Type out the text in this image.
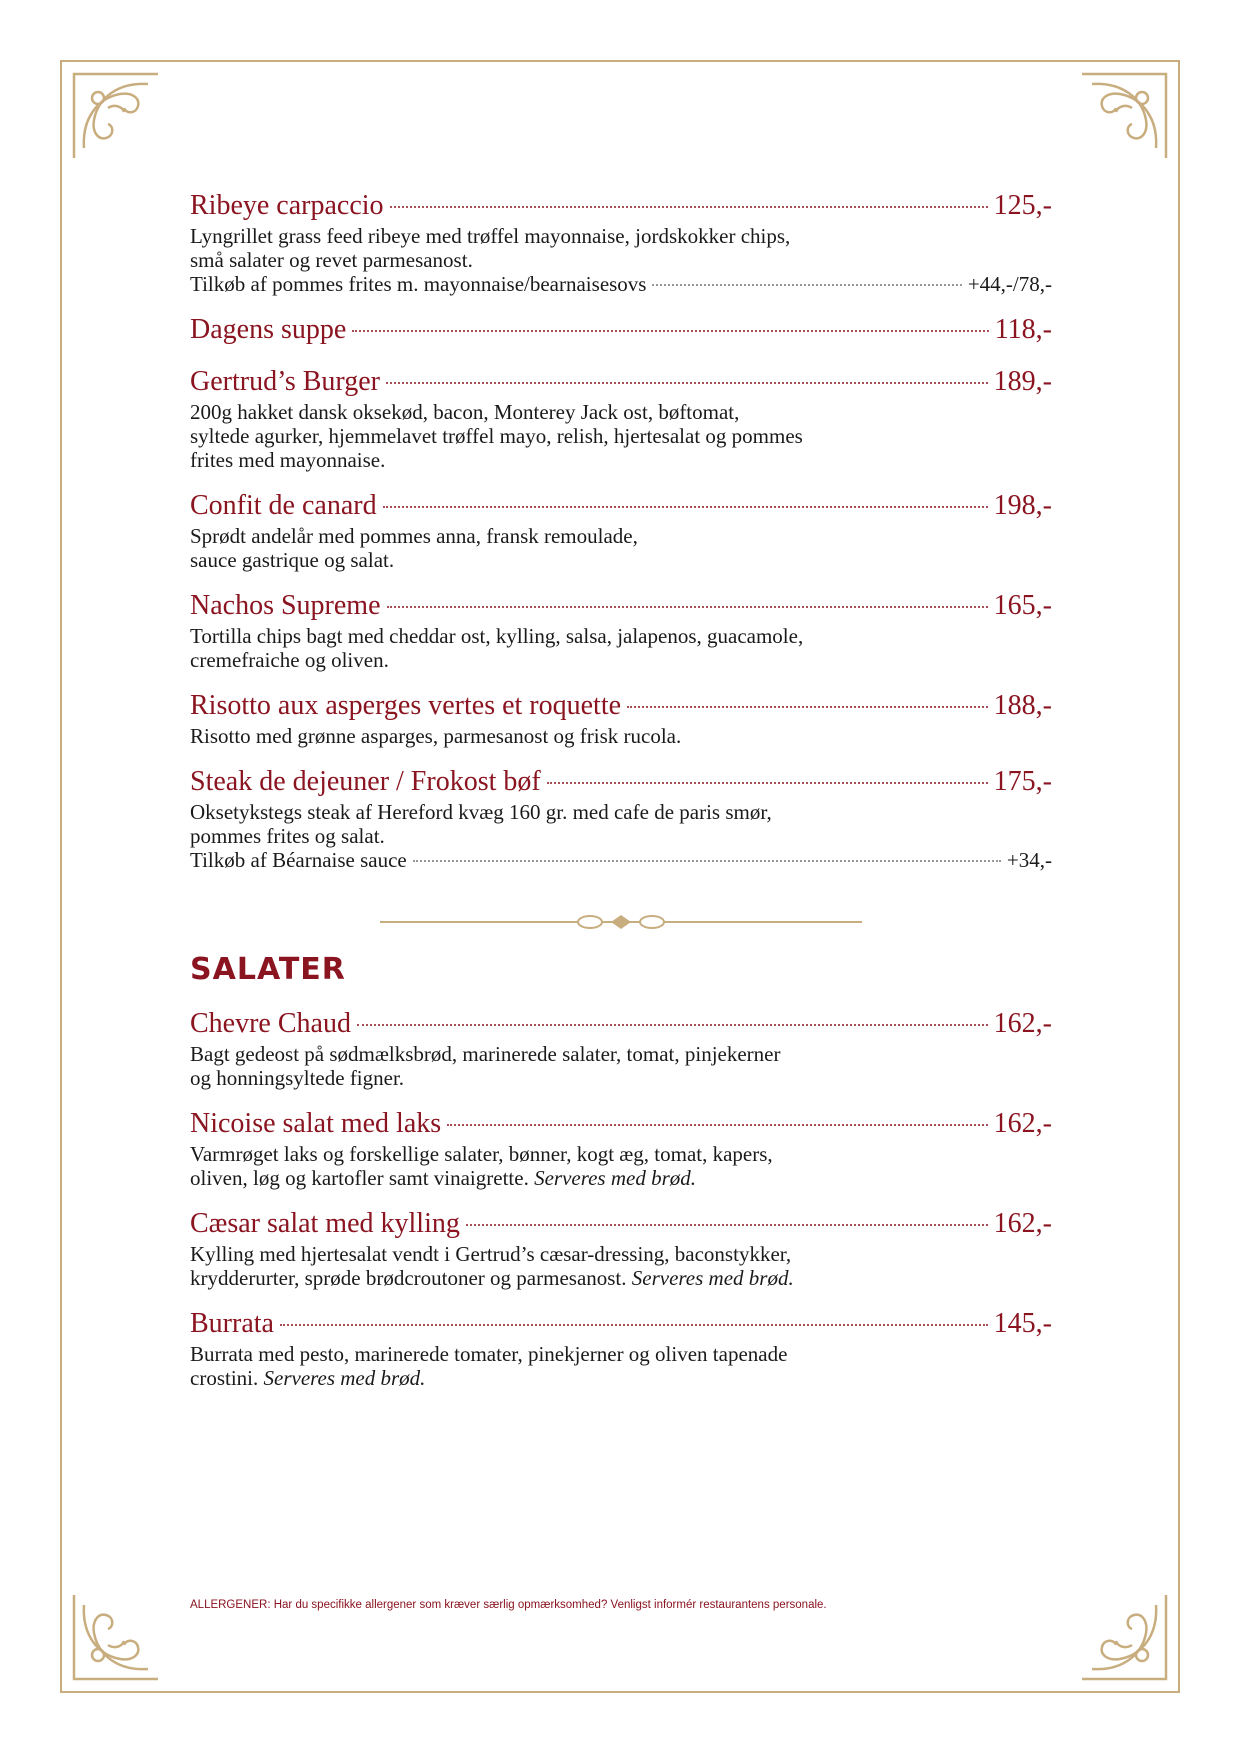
Ribeye carpaccio	125,-
Lyngrillet grass feed ribeye med trøffel mayonnaise, jordskokker chips,
små salater og revet parmesanost.
Tilkøb af pommes frites m. mayonnaise/bearnaisesovs	+44,-/78,-
Dagens suppe	118,-
Gertrud’s Burger	189,-
200g hakket dansk oksekød, bacon, Monterey Jack ost, bøftomat,
syltede agurker, hjemmelavet trøffel mayo, relish, hjertesalat og pommes
frites med mayonnaise.
Confit de canard	198,-
Sprødt andelår med pommes anna, fransk remoulade,
sauce gastrique og salat.
Nachos Supreme	165,-
Tortilla chips bagt med cheddar ost, kylling, salsa, jalapenos, guacamole,
cremefraiche og oliven.
Risotto aux asperges vertes et roquette	188,-
Risotto med grønne asparges, parmesanost og frisk rucola.
Steak de dejeuner / Frokost bøf	175,-
Oksetykstegs steak af Hereford kvæg 160 gr. med cafe de paris smør,
pommes frites og salat.
Tilkøb af Béarnaise sauce	+34,-
SALATER
Chevre Chaud	162,-
Bagt gedeost på sødmælksbrød, marinerede salater, tomat, pinjekerner
og honningsyltede figner.
Nicoise salat med laks	162,-
Varmrøget laks og forskellige salater, bønner, kogt æg, tomat, kapers,
oliven, løg og kartofler samt vinaigrette. Serveres med brød.
Cæsar salat med kylling	162,-
Kylling med hjertesalat vendt i Gertrud’s cæsar-dressing, baconstykker,
krydderurter, sprøde brødcroutoner og parmesanost. Serveres med brød.
Burrata	145,-
Burrata med pesto, marinerede tomater, pinekjerner og oliven tapenade
crostini. Serveres med brød.
ALLERGENER: Har du specifikke allergener som kræver særlig opmærksomhed? Venligst informér restaurantens personale.
